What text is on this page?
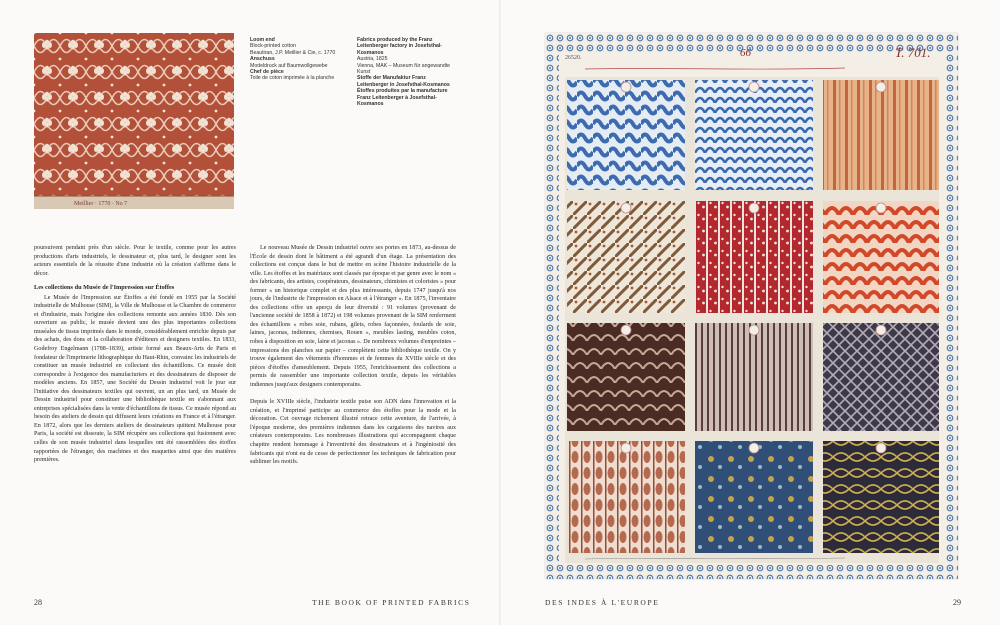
Meillier · 1770 · No 7
Loom end
Block-printed cotton
Beautiran, J.P. Meillier & Cie, c. 1770
Anschuss
Modeldruck auf Baumwollgewebe
Chef de pièce
Toile de coton imprimée à la planche
Fabrics produced by the Franz Leitenberger factory in Josefsthal-Kosmanos
Austria, 1825
Vienna, MAK – Museum für angewandte Kunst
Stoffe der Manufaktur Franz Leitenberger in Josefsthal-Kosmanos
Étoffes produites par la manufacture Franz Leitenberger à Josefsthal-Kosmanos

poursuivent pendant près d'un siècle. Pour le textile, comme pour les autres productions d'arts industriels, le dessinateur et, plus tard, le designer sont les acteurs essentiels de la réussite d'une industrie où la création s'affirme dans le décor.

Les collections du Musée de l'Impression sur Étoffes

Le Musée de l'Impression sur Étoffes a été fondé en 1955 par la Société industrielle de Mulhouse (SIM), la Ville de Mulhouse et la Chambre de commerce et d'industrie, mais l'origine des collections remonte aux années 1830. Dès son ouverture au public, le musée devient une des plus importantes collections muséales de tissus imprimés dans le monde, considérablement enrichie depuis par des achats, des dons et la collaboration d'éditeurs et designers textiles. En 1833, Godefroy Engelmann (1788–1839), artiste formé aux Beaux-Arts de Paris et fondateur de l'imprimerie lithographique du Haut-Rhin, convainc les industriels de constituer un musée industriel en collectant des échantillons. Ce musée doit correspondre à l'exigence des manufacturiers et des dessinateurs de disposer de modèles anciens. En 1857, une Société du Dessin industriel voit le jour sur l'initiative des dessinateurs textiles qui ouvrent, un an plus tard, un Musée de Dessin industriel pour constituer une bibliothèque textile en s'abonnant aux entreprises spécialisées dans la vente d'échantillons de tissus. Ce musée répond au besoin des ateliers de dessin qui diffusent leurs créations en France et à l'étranger. En 1872, alors que les derniers ateliers de dessinateurs quittent Mulhouse pour Paris, la société est dissoute, la SIM récupère ses collections qui fusionnent avec celles de son musée industriel dans lesquelles ont été rassemblées des étoffes rapportées de l'étranger, des machines et des maquettes ainsi que des matières premières.

Le nouveau Musée de Dessin industriel ouvre ses portes en 1873, au-dessus de l'École de dessin dont le bâtiment a été agrandi d'un étage. La présentation des collections est conçue dans le but de mettre en scène l'histoire industrielle de la ville. Les étoffes et les matériaux sont classés par époque et par genre avec le nom « des fabricants, des artistes, coopérateurs, dessinateurs, chimistes et coloristes » pour former « un historique complet et des plus intéressants, depuis 1747 jusqu'à nos jours, de l'industrie de l'impression en Alsace et à l'étranger ». En 1875, l'inventaire des collections offre un aperçu de leur diversité : 91 volumes (provenant de l'ancienne société de 1858 à 1872) et 198 volumes provenant de la SIM renferment des échantillons « robes soie, rubans, gilets, robes façonnées, foulards de soie, laines, jaconas, indiennes, chemises, Rouen », meubles lasting, meubles coton, robes à disposition en soie, laine et jaconas ». De nombreux volumes d'empreintes – impressions des planches sur papier – complètent cette bibliothèque textile. On y trouve également des vêtements d'hommes et de femmes du XVIIIe siècle et des pièces d'étoffes d'ameublement. Depuis 1955, l'enrichissement des collections a permis de rassembler une importante collection textile, depuis les véritables indiennes jusqu'aux designers contemporains.

Depuis le XVIIIe siècle, l'industrie textile puise son ADN dans l'innovation et la création, et l'imprimé participe au commerce des étoffes pour la mode et la décoration. Cet ouvrage richement illustré retrace cette aventure, de l'arrivée, à l'époque moderne, des premières indiennes dans les cargaisons des navires aux créateurs contemporains. Les nombreuses illustrations qui accompagnent chaque chapitre rendent hommage à l'inventivité des dessinateurs et à l'ingéniosité des fabricants qui n'ont eu de cesse de perfectionner les techniques de fabrication pour sublimer les motifs.

26520.	66	T. 701.
28	THE BOOK OF PRINTED FABRICS	DES INDES À L'EUROPE	29
